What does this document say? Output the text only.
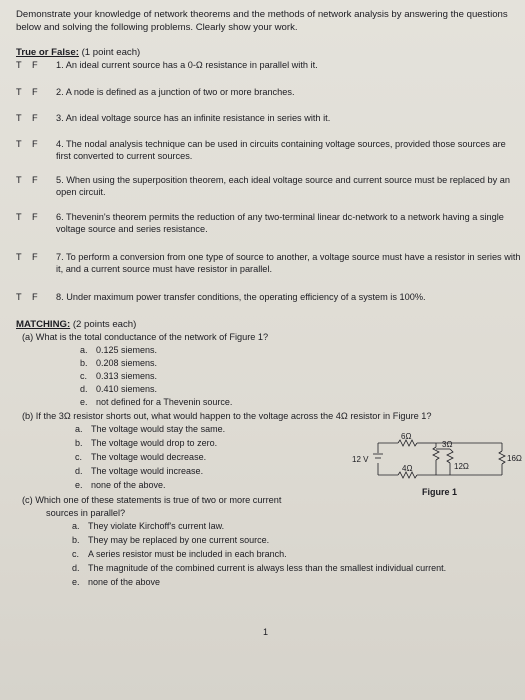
Demonstrate your knowledge of network theorems and the methods of network analysis by answering the questions below and solving the following problems. Clearly show your work.
True or False: (1 point each)
T F	1. An ideal current source has a 0-Ω resistance in parallel with it.
T F	2. A node is defined as a junction of two or more branches.
T F	3. An ideal voltage source has an infinite resistance in series with it.
T F	4. The nodal analysis technique can be used in circuits containing voltage sources, provided those sources are first converted to current sources.
T F	5. When using the superposition theorem, each ideal voltage source and current source must be replaced by an open circuit.
T F	6. Thevenin's theorem permits the reduction of any two-terminal linear dc-network to a network having a single voltage source and series resistance.
T F	7. To perform a conversion from one type of source to another, a voltage source must have a resistor in series with it, and a current source must have resistor in parallel.
T F	8. Under maximum power transfer conditions, the operating efficiency of a system is 100%.
MATCHING: (2 points each)
(a) What is the total conductance of the network of Figure 1?
a. 0.125 siemens.
b. 0.208 siemens.
c. 0.313 siemens.
d. 0.410 siemens.
e. not defined for a Thevenin source.
(b) If the 3Ω resistor shorts out, what would happen to the voltage across the 4Ω resistor in Figure 1?
a. The voltage would stay the same.
b. The voltage would drop to zero.
c. The voltage would decrease.
d. The voltage would increase.
e. none of the above.
(c) Which one of these statements is true of two or more current
sources in parallel?
a. They violate Kirchoff's current law.
b. They may be replaced by one current source.
c. A series resistor must be included in each branch.
d. The magnitude of the combined current is always less than the smallest individual current.
e. none of the above
12 V
6Ω
3Ω
16Ω
4Ω	12Ω
Figure 1
1
